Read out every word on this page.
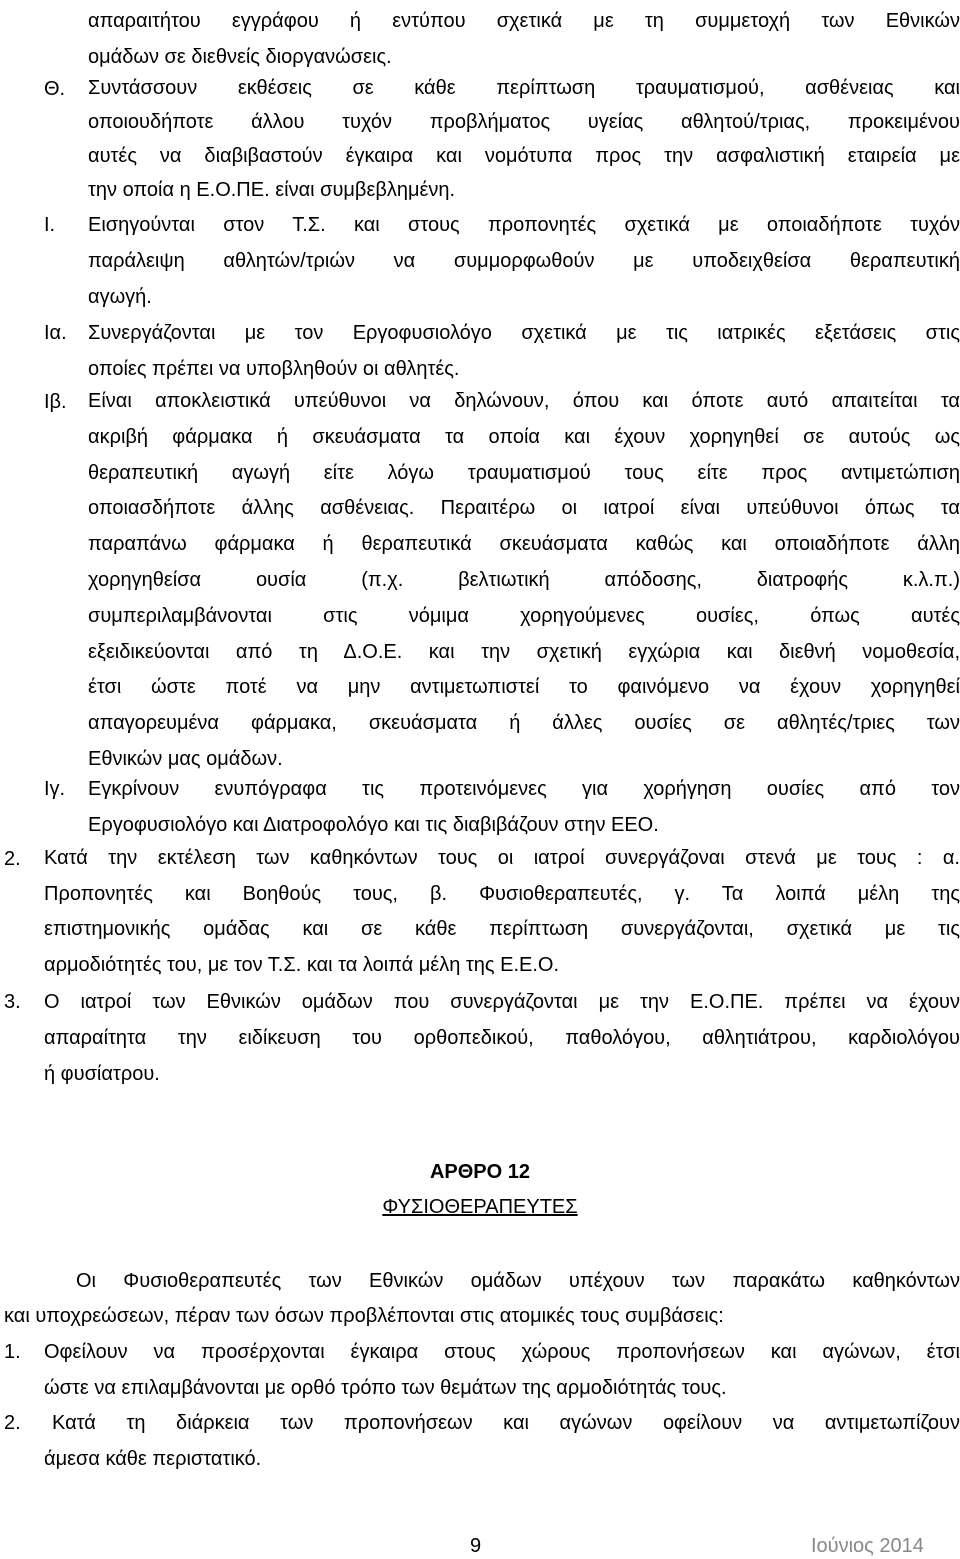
απαραιτήτου εγγράφου ή εντύπου σχετικά με τη συμμετοχή των Εθνικών
ομάδων σε διεθνείς διοργανώσεις.
Θ. Συντάσσουν εκθέσεις σε κάθε περίπτωση τραυματισμού, ασθένειας και
οποιουδήποτε άλλου τυχόν προβλήματος υγείας αθλητού/τριας, προκειμένου
αυτές να διαβιβαστούν έγκαιρα και νομότυπα προς την ασφαλιστική εταιρεία με
την οποία η Ε.Ο.ΠΕ. είναι συμβεβλημένη.
Ι. Εισηγούνται στον Τ.Σ. και στους προπονητές σχετικά με οποιαδήποτε τυχόν
παράλειψη αθλητών/τριών να συμμορφωθούν με υποδειχθείσα θεραπευτική
αγωγή.
Ια. Συνεργάζονται με τον Εργοφυσιολόγο σχετικά με τις ιατρικές εξετάσεις στις
οποίες πρέπει να υποβληθούν οι αθλητές.
Ιβ. Είναι αποκλειστικά υπεύθυνοι να δηλώνουν, όπου και όποτε αυτό απαιτείται τα
ακριβή φάρμακα ή σκευάσματα τα οποία και έχουν χορηγηθεί σε αυτούς ως
θεραπευτική αγωγή είτε λόγω τραυματισμού τους είτε προς αντιμετώπιση
οποιασδήποτε άλλης ασθένειας. Περαιτέρω οι ιατροί είναι υπεύθυνοι όπως τα
παραπάνω φάρμακα ή θεραπευτικά σκευάσματα καθώς και οποιαδήποτε άλλη
χορηγηθείσα ουσία (π.χ. βελτιωτική απόδοσης, διατροφής κ.λ.π.)
συμπεριλαμβάνονται στις νόμιμα χορηγούμενες ουσίες, όπως αυτές
εξειδικεύονται από τη Δ.Ο.Ε. και την σχετική εγχώρια και διεθνή νομοθεσία,
έτσι ώστε ποτέ να μην αντιμετωπιστεί το φαινόμενο να έχουν χορηγηθεί
απαγορευμένα φάρμακα, σκευάσματα ή άλλες ουσίες σε αθλητές/τριες των
Εθνικών μας ομάδων.
Ιγ. Εγκρίνουν ενυπόγραφα τις προτεινόμενες για χορήγηση ουσίες από τον
Εργοφυσιολόγο και Διατροφολόγο και τις διαβιβάζουν στην ΕΕΟ.
2. Κατά την εκτέλεση των καθηκόντων τους οι ιατροί συνεργάζοναι στενά με τους : α.
Προπονητές και Βοηθούς τους, β. Φυσιοθεραπευτές, γ. Τα λοιπά μέλη της
επιστημονικής ομάδας και σε κάθε περίπτωση συνεργάζονται, σχετικά με τις
αρμοδιότητές του, με τον Τ.Σ. και τα λοιπά μέλη της Ε.Ε.Ο.
3. Ο ιατροί των Εθνικών ομάδων που συνεργάζονται με την Ε.Ο.ΠΕ. πρέπει να έχουν
απαραίτητα την ειδίκευση του ορθοπεδικού, παθολόγου, αθλητιάτρου, καρδιολόγου
ή φυσίατρου.
ΑΡΘΡΟ 12
ΦΥΣΙΟΘΕΡΑΠΕΥΤΕΣ
Οι Φυσιοθεραπευτές των Εθνικών ομάδων υπέχουν των παρακάτω καθηκόντων
και υποχρεώσεων, πέραν των όσων προβλέπονται στις ατομικές τους συμβάσεις:
1. Οφείλουν να προσέρχονται έγκαιρα στους χώρους προπονήσεων και αγώνων, έτσι
ώστε να επιλαμβάνονται με ορθό τρόπο των θεμάτων της αρμοδιότητάς τους.
2. Κατά τη διάρκεια των προπονήσεων και αγώνων οφείλουν να αντιμετωπίζουν
άμεσα κάθε περιστατικό.
9	Ιούνιος 2014
